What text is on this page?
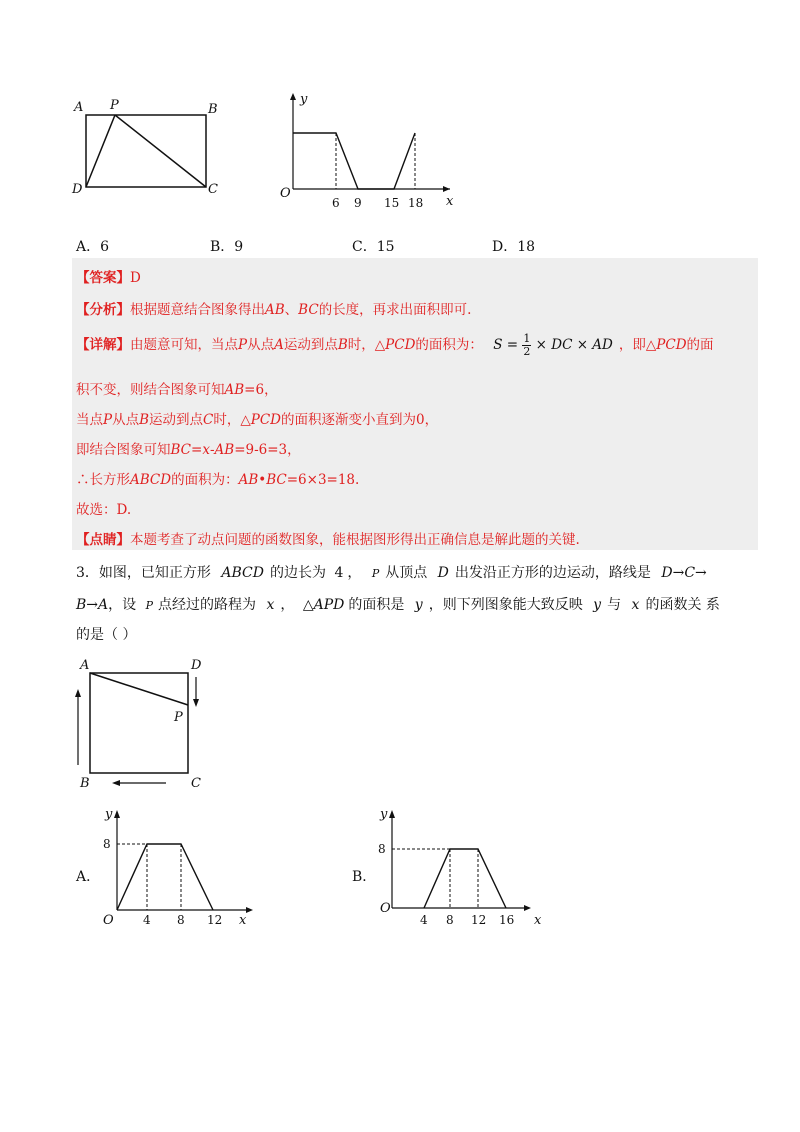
A P	B
D	C
y
x
O
6 9 15 18
A．6	B．9	C．15	D．18
【答案】D
【分析】根据题意结合图象得出AB、BC的长度，再求出面积即可.
【详解】由题意可知，当点P从点A运动到点B时，△PCD的面积为： $S = \frac{1}{2}$ × DC × AD ，即△PCD的面
积不变，则结合图象可知AB=6，
当点P从点B运动到点C时，△PCD的面积逐渐变小直到为0，
即结合图象可知BC=x-AB=9-6=3，
∴长方形ABCD的面积为：AB•BC=6×3=18.
故选：D.
【点睛】本题考查了动点问题的函数图象，能根据图形得出正确信息是解此题的关键.
3．如图，已知正方形 ABCD 的边长为 4 ， P 从顶点 D 出发沿正方形的边运动，路线是 D→C→
B→A，设 P 点经过的路程为 x ， △APD 的面积是 y ，则下列图象能大致反映 y 与 x 的函数关 系
的是（ ）
A	D
P
B	C
A．
y
x
O
8
4 8 12
B．
y
x
O
8
4 8 12 16
